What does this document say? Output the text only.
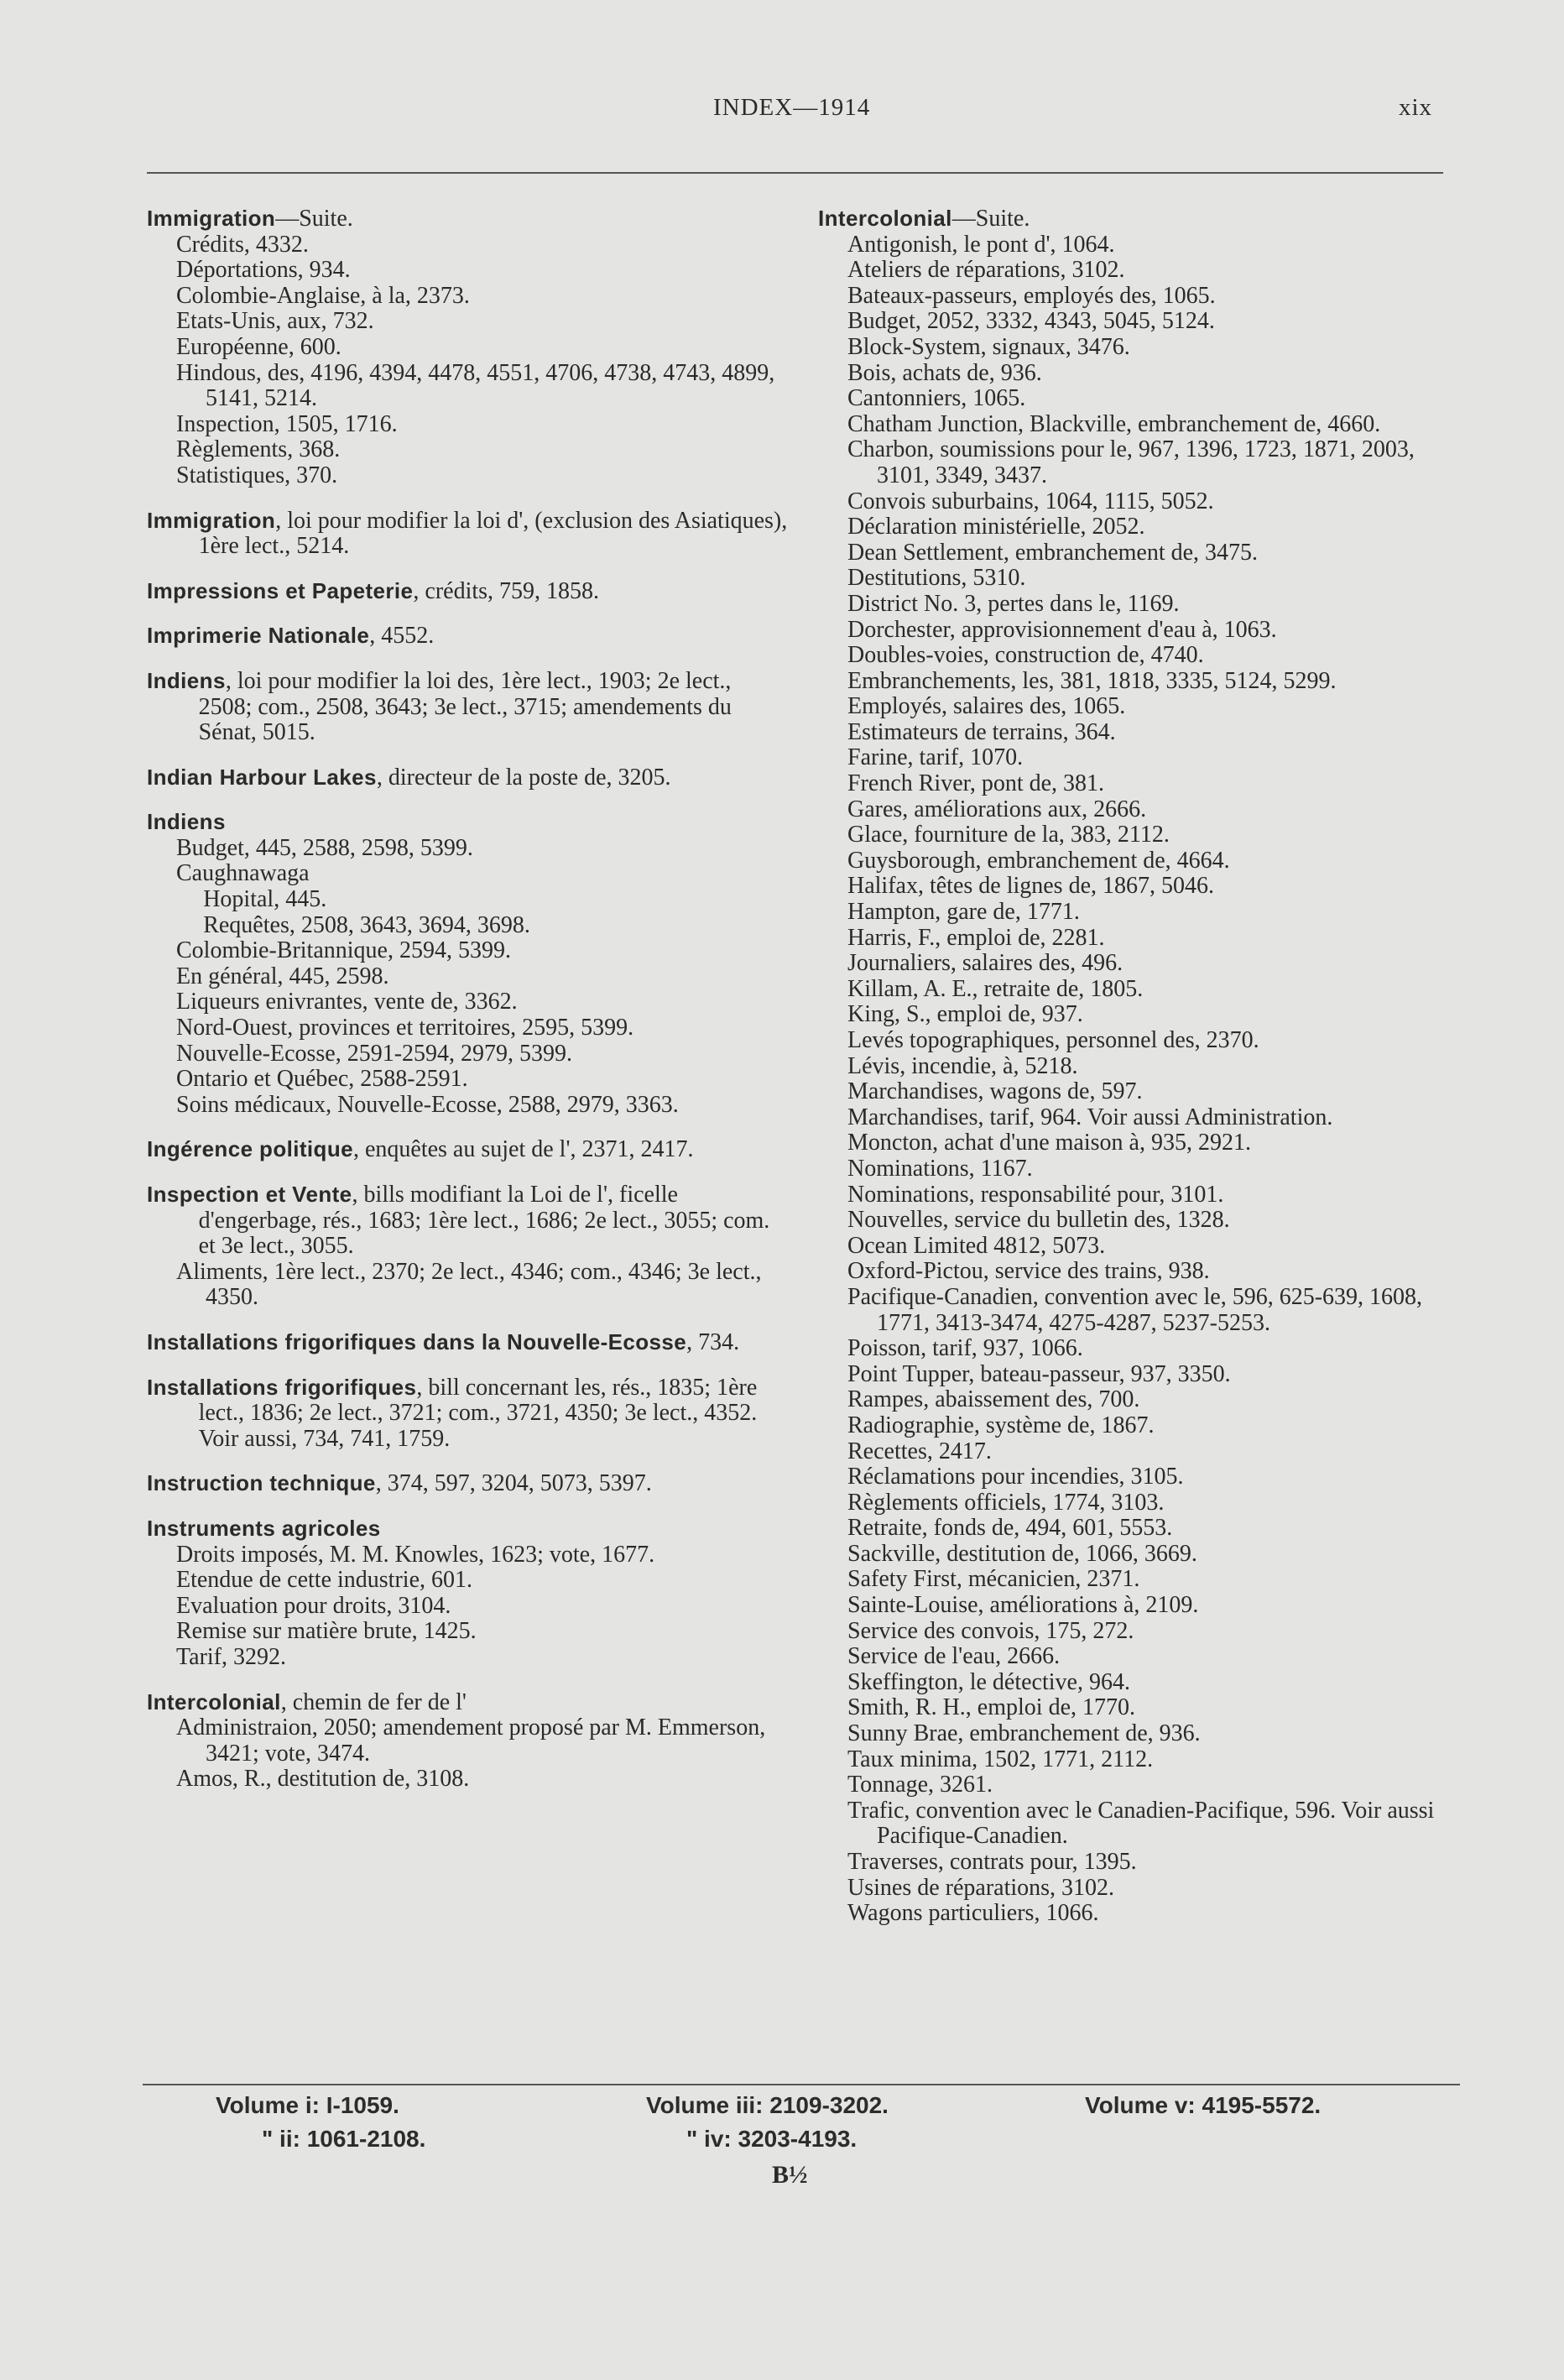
INDEX—1914	xix
Immigration—Suite.
Crédits, 4332.
Déportations, 934.
Colombie-Anglaise, à la, 2373.
Etats-Unis, aux, 732.
Européenne, 600.
Hindous, des, 4196, 4394, 4478, 4551, 4706, 4738, 4743, 4899, 5141, 5214.
Inspection, 1505, 1716.
Règlements, 368.
Statistiques, 370.
Immigration, loi pour modifier la loi d', (exclusion des Asiatiques), 1ère lect., 5214.
Impressions et Papeterie, crédits, 759, 1858.
Imprimerie Nationale, 4552.
Indiens, loi pour modifier la loi des, 1ère lect., 1903; 2e lect., 2508; com., 2508, 3643; 3e lect., 3715; amendements du Sénat, 5015.
Indian Harbour Lakes, directeur de la poste de, 3205.
Indiens
Budget, 445, 2588, 2598, 5399.
Caughnawaga
Hopital, 445.
Requêtes, 2508, 3643, 3694, 3698.
Colombie-Britannique, 2594, 5399.
En général, 445, 2598.
Liqueurs enivrantes, vente de, 3362.
Nord-Ouest, provinces et territoires, 2595, 5399.
Nouvelle-Ecosse, 2591-2594, 2979, 5399.
Ontario et Québec, 2588-2591.
Soins médicaux, Nouvelle-Ecosse, 2588, 2979, 3363.
Ingérence politique, enquêtes au sujet de l', 2371, 2417.
Inspection et Vente, bills modifiant la Loi de l', ficelle d'engerbage, rés., 1683; 1ère lect., 1686; 2e lect., 3055; com. et 3e lect., 3055.
Aliments, 1ère lect., 2370; 2e lect., 4346; com., 4346; 3e lect., 4350.
Installations frigorifiques dans la Nouvelle-Ecosse, 734.
Installations frigorifiques, bill concernant les, rés., 1835; 1ère lect., 1836; 2e lect., 3721; com., 3721, 4350; 3e lect., 4352. Voir aussi, 734, 741, 1759.
Instruction technique, 374, 597, 3204, 5073, 5397.
Instruments agricoles
Droits imposés, M. M. Knowles, 1623; vote, 1677.
Etendue de cette industrie, 601.
Evaluation pour droits, 3104.
Remise sur matière brute, 1425.
Tarif, 3292.
Intercolonial, chemin de fer de l'
Administraion, 2050; amendement proposé par M. Emmerson, 3421; vote, 3474.
Amos, R., destitution de, 3108.
Intercolonial—Suite.
Antigonish, le pont d', 1064.
Ateliers de réparations, 3102.
Bateaux-passeurs, employés des, 1065.
Budget, 2052, 3332, 4343, 5045, 5124.
Block-System, signaux, 3476.
Bois, achats de, 936.
Cantonniers, 1065.
Chatham Junction, Blackville, embranchement de, 4660.
Charbon, soumissions pour le, 967, 1396, 1723, 1871, 2003, 3101, 3349, 3437.
Convois suburbains, 1064, 1115, 5052.
Déclaration ministérielle, 2052.
Dean Settlement, embranchement de, 3475.
Destitutions, 5310.
District No. 3, pertes dans le, 1169.
Dorchester, approvisionnement d'eau à, 1063.
Doubles-voies, construction de, 4740.
Embranchements, les, 381, 1818, 3335, 5124, 5299.
Employés, salaires des, 1065.
Estimateurs de terrains, 364.
Farine, tarif, 1070.
French River, pont de, 381.
Gares, améliorations aux, 2666.
Glace, fourniture de la, 383, 2112.
Guysborough, embranchement de, 4664.
Halifax, têtes de lignes de, 1867, 5046.
Hampton, gare de, 1771.
Harris, F., emploi de, 2281.
Journaliers, salaires des, 496.
Killam, A. E., retraite de, 1805.
King, S., emploi de, 937.
Levés topographiques, personnel des, 2370.
Lévis, incendie, à, 5218.
Marchandises, wagons de, 597.
Marchandises, tarif, 964. Voir aussi Administration.
Moncton, achat d'une maison à, 935, 2921.
Nominations, 1167.
Nominations, responsabilité pour, 3101.
Nouvelles, service du bulletin des, 1328.
Ocean Limited 4812, 5073.
Oxford-Pictou, service des trains, 938.
Pacifique-Canadien, convention avec le, 596, 625-639, 1608, 1771, 3413-3474, 4275-4287, 5237-5253.
Poisson, tarif, 937, 1066.
Point Tupper, bateau-passeur, 937, 3350.
Rampes, abaissement des, 700.
Radiographie, système de, 1867.
Recettes, 2417.
Réclamations pour incendies, 3105.
Règlements officiels, 1774, 3103.
Retraite, fonds de, 494, 601, 5553.
Sackville, destitution de, 1066, 3669.
Safety First, mécanicien, 2371.
Sainte-Louise, améliorations à, 2109.
Service des convois, 175, 272.
Service de l'eau, 2666.
Skeffington, le détective, 964.
Smith, R. H., emploi de, 1770.
Sunny Brae, embranchement de, 936.
Taux minima, 1502, 1771, 2112.
Tonnage, 3261.
Trafic, convention avec le Canadien-Pacifique, 596. Voir aussi Pacifique-Canadien.
Traverses, contrats pour, 1395.
Usines de réparations, 3102.
Wagons particuliers, 1066.
Volume i: I-1059.
" ii: 1061-2108.
Volume iii: 2109-3202.
" iv: 3203-4193.
Volume v: 4195-5572.
B½
